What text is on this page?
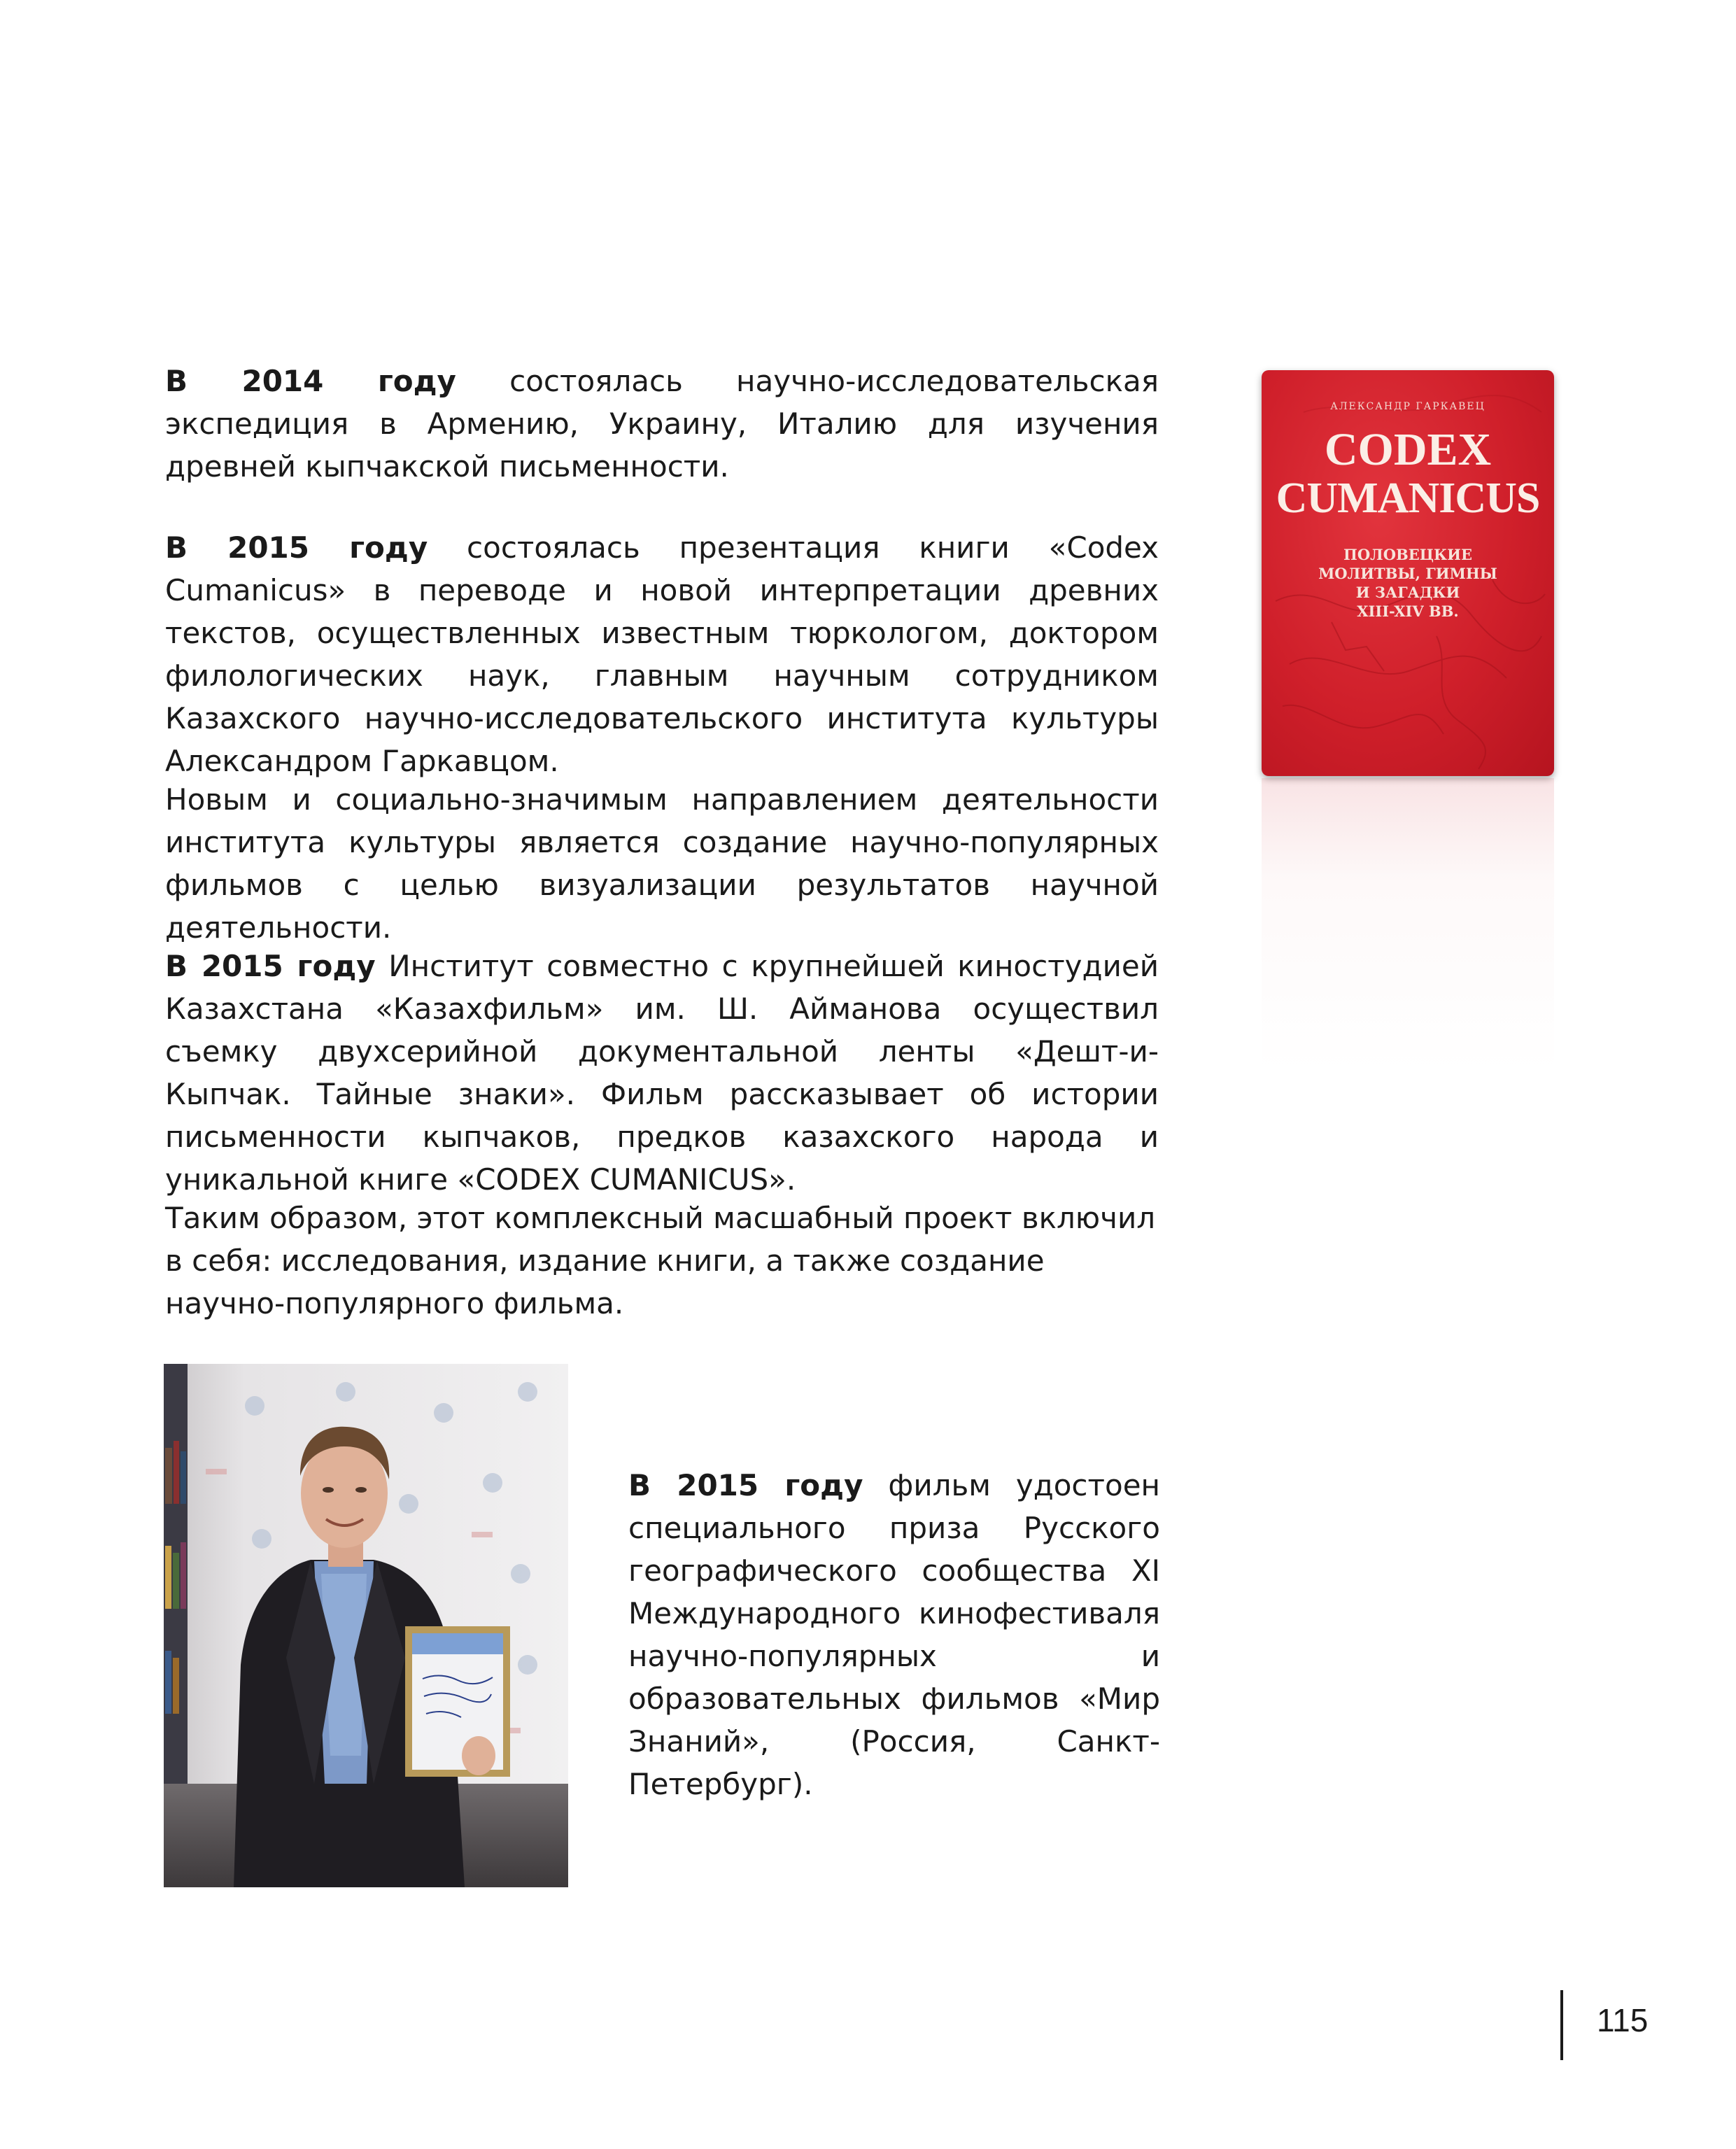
В 2014 году состоялась научно-исследовательская экспедиция в Армению, Украину, Италию для изучения древней кыпчакской письменности.

В 2015 году состоялась презентация книги «Codex Cumanicus» в переводе и новой интерпретации древних текстов, осуществленных известным тюркологом, доктором филологических наук, главным научным сотрудником Казахского научно-исследовательского института культуры Александром Гаркавцом.

Новым и социально-значимым направлением деятельности института культуры является создание научно-популярных фильмов с целью визуализации результатов научной деятельности.

В 2015 году Институт совместно с крупнейшей киностудией Казахстана «Казахфильм» им. Ш. Айманова осуществил съемку двухсерийной документальной ленты «Дешт-и-Кыпчак. Тайные знаки». Фильм рассказывает об истории письменности кыпчаков, предков казахского народа и уникальной книге «CODEX CUMANICUS».

Таким образом, этот комплексный масшабный проект включил в себя: исследования, издание книги, а также создание научно-популярного фильма.

В 2015 году фильм удостоен специального приза Русского географического сообщества XI Международного кинофестиваля научно-популярных и образовательных фильмов «Мир Знаний», (Россия, Санкт-Петербург).

АЛЕКСАНДР ГАРКАВЕЦ
CODEX
CUMANICUS
ПОЛОВЕЦКИЕ
МОЛИТВЫ, ГИМНЫ
И ЗАГАДКИ
XIII-XIV ВВ.
115
